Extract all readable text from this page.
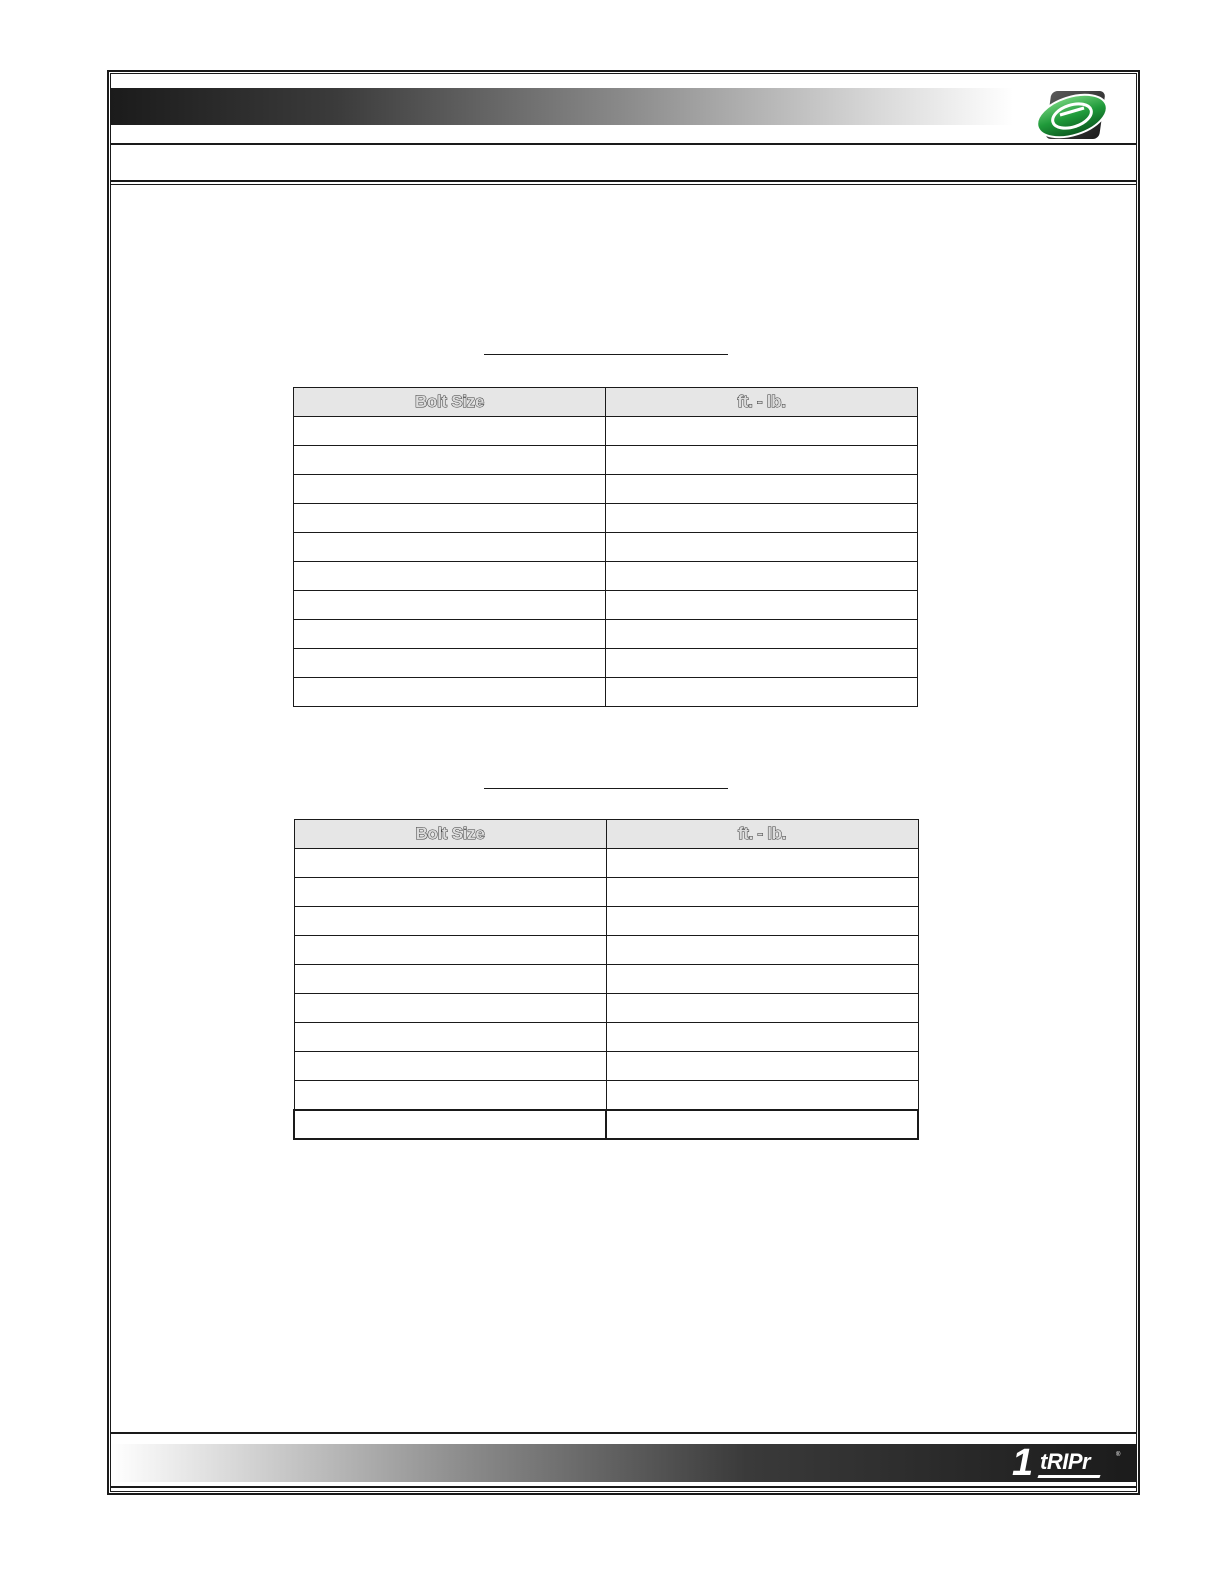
Bolt Size	ft. - lb.

Bolt Size	ft. - lb.

1 tRIPr	®
